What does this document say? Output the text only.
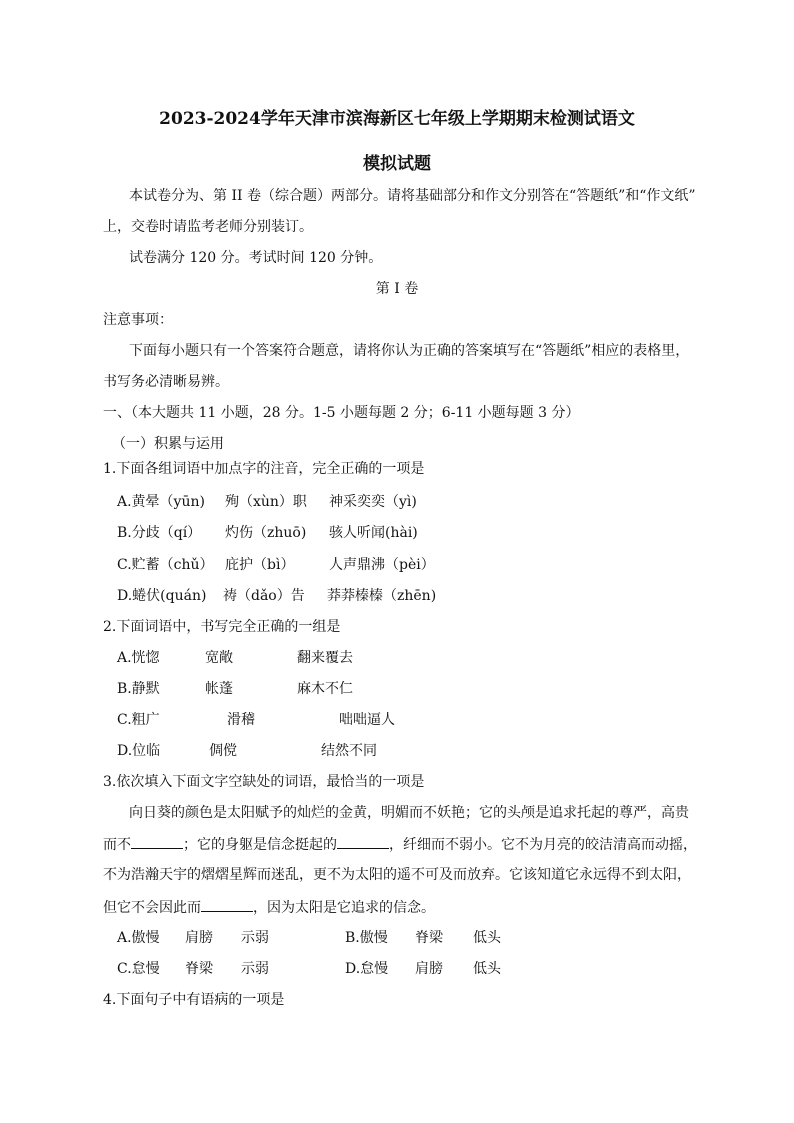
2023-2024学年天津市滨海新区七年级上学期期末检测试语文
模拟试题
本试卷分为、第 II 卷（综合题）两部分。请将基础部分和作文分别答在“答题纸”和“作文纸”
上，交卷时请监考老师分别装订。
试卷满分 120 分。考试时间 120 分钟。
第 I 卷
注意事项：
下面每小题只有一个答案符合题意，请将你认为正确的答案填写在“答题纸”相应的表格里，
书写务必清晰易辨。
一、（本大题共 11 小题，28 分。1-5 小题每题 2 分；6-11 小题每题 3 分）
（一）积累与运用
1.下面各组词语中加点字的注音，完全正确的一项是
A.黄晕（yūn) 殉（xùn）职 神采奕奕（yì)
B.分歧（qí） 灼伤（zhuō) 骇人听闻(hài)
C.贮蓄（chǔ） 庇护（bì） 人声鼎沸（pèi）
D.蜷伏(quán) 祷（dǎo）告 莽莽榛榛（zhēn)
2.下面词语中，书写完全正确的一组是
A.恍惚	宽敞	翻来覆去
B.静默	帐蓬	麻木不仁
C.粗广	滑稽	咄咄逼人
D.位临	倜傥	结然不同
3.依次填入下面文字空缺处的词语，最恰当的一项是
向日葵的颜色是太阳赋予的灿烂的金黄，明媚而不妖艳；它的头颅是追求托起的尊严，高贵
而不	；它的身躯是信念挺起的	，纤细而不弱小。它不为月亮的皎洁清高而动摇，
不为浩瀚天宇的熠熠星辉而迷乱，更不为太阳的遥不可及而放弃。它该知道它永远得不到太阳，
但它不会因此而	，因为太阳是它追求的信念。
A.傲慢 肩膀 示弱	B.傲慢 脊梁 低头
C.怠慢 脊梁 示弱	D.怠慢 肩膀 低头
4.下面句子中有语病的一项是
